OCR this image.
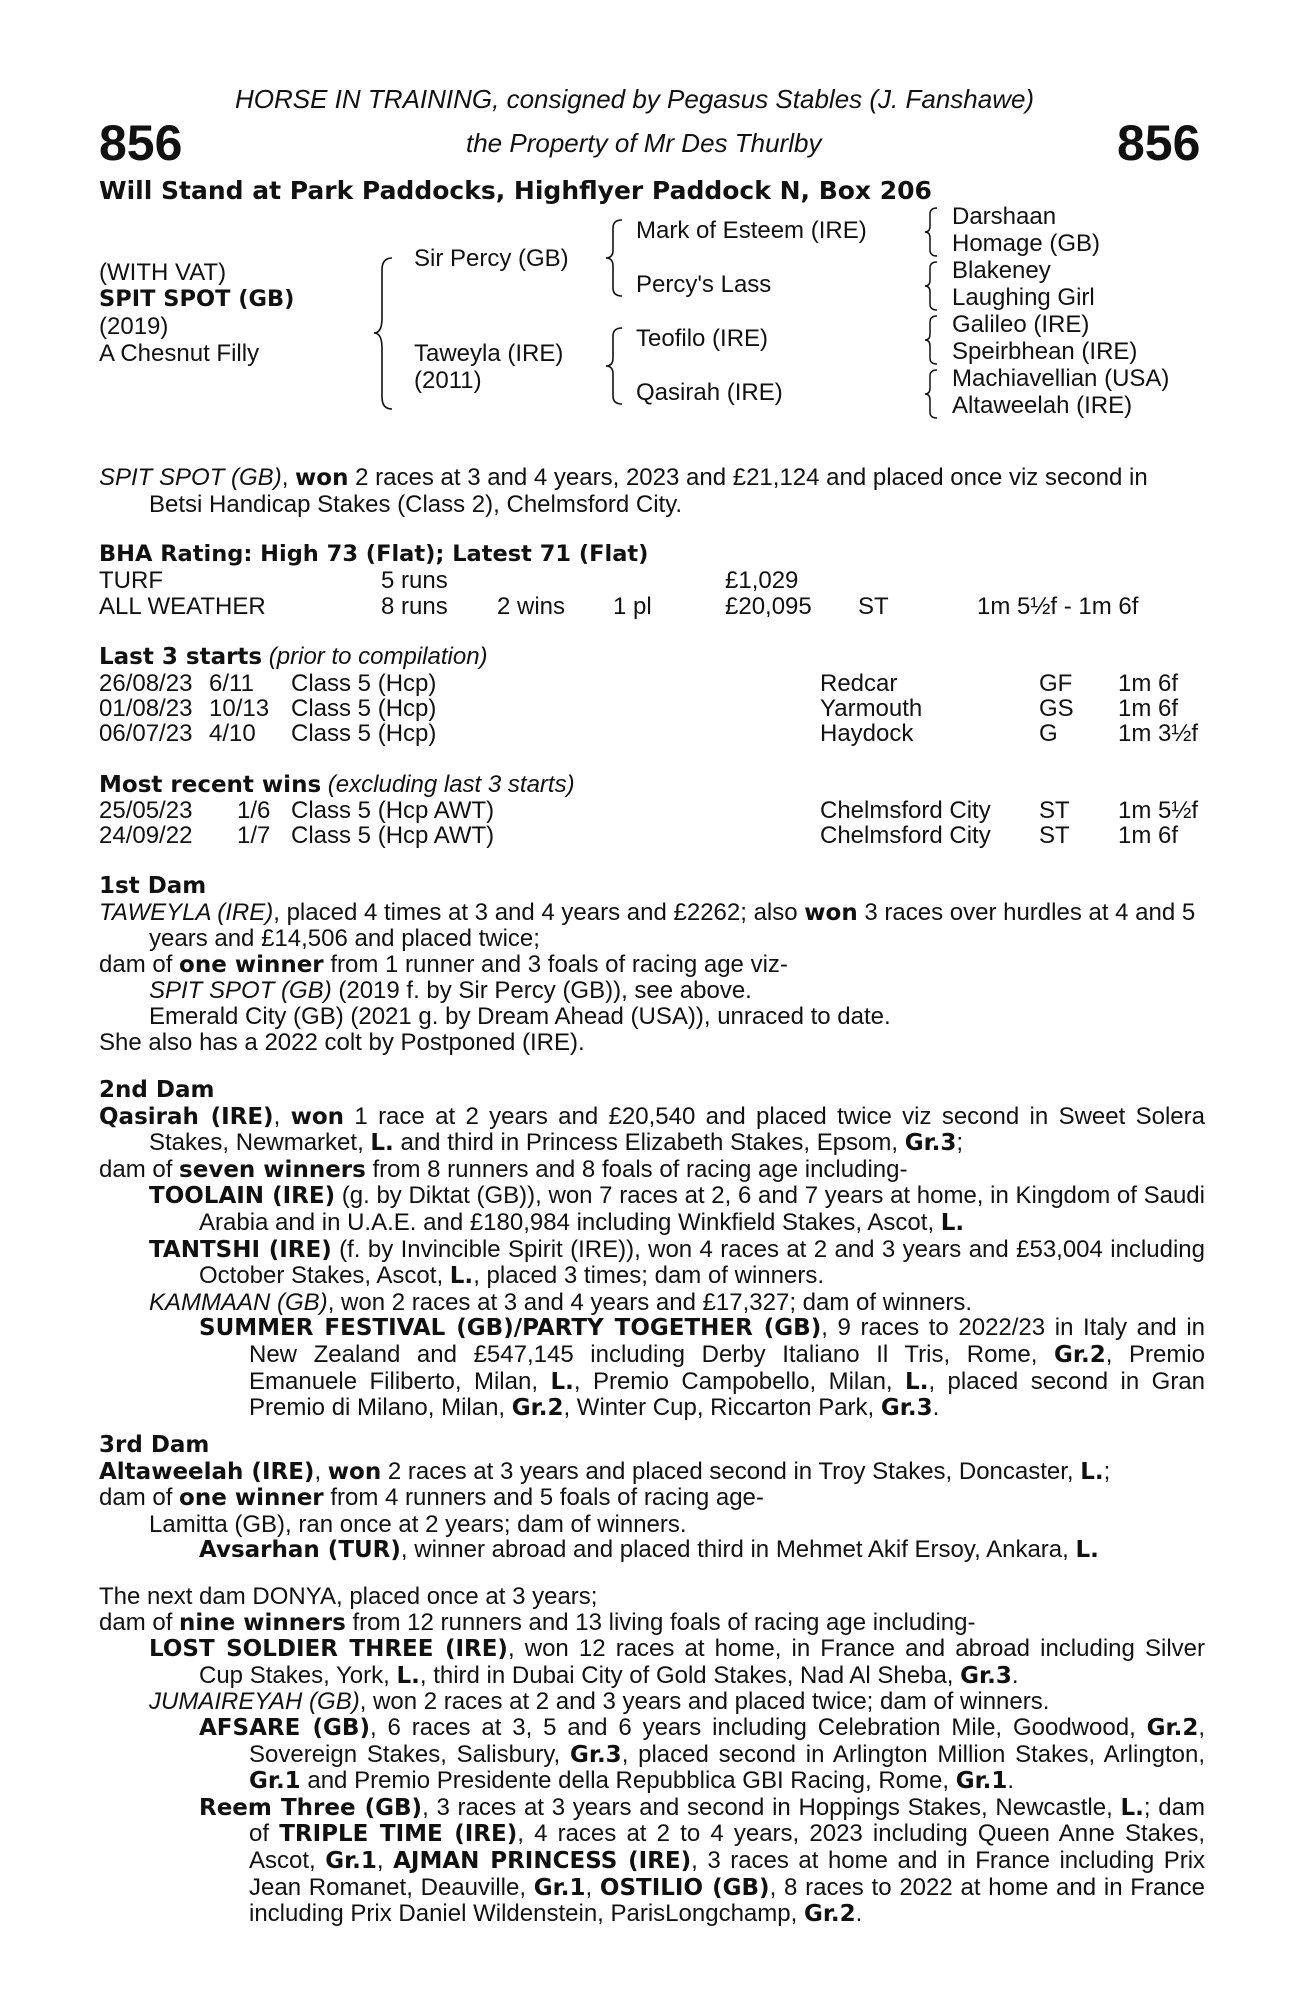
HORSE IN TRAINING, consigned by Pegasus Stables (J. Fanshawe)
856	the Property of Mr Des Thurlby	856
Will Stand at Park Paddocks, Highflyer Paddock N, Box 206
(WITH VAT)
SPIT SPOT (GB)
(2019)
A Chesnut Filly
Sir Percy (GB)
Taweyla (IRE)
(2011)
Mark of Esteem (IRE)
Percy's Lass
Teofilo (IRE)
Qasirah (IRE)
Darshaan
Homage (GB)
Blakeney
Laughing Girl
Galileo (IRE)
Speirbhean (IRE)
Machiavellian (USA)
Altaweelah (IRE)

SPIT SPOT (GB), won 2 races at 3 and 4 years, 2023 and £21,124 and placed once viz second in Betsi Handicap Stakes (Class 2), Chelmsford City.

BHA Rating: High 73 (Flat); Latest 71 (Flat)
TURF	5 runs	£1,029
ALL WEATHER	8 runs 2 wins 1 pl	£20,095 ST	1m 5½f - 1m 6f
Last 3 starts (prior to compilation)
26/08/23 6/11 Class 5 (Hcp)	Redcar	GF 1m 6f
01/08/23 10/13 Class 5 (Hcp)	Yarmouth	GS 1m 6f
06/07/23 4/10 Class 5 (Hcp)	Haydock	G	1m 3½f
Most recent wins (excluding last 3 starts)
25/05/23 1/6 Class 5 (Hcp AWT)	Chelmsford City ST 1m 5½f
24/09/22 1/7 Class 5 (Hcp AWT)	Chelmsford City ST 1m 6f

1st Dam

TAWEYLA (IRE), placed 4 times at 3 and 4 years and £2262; also won 3 races over hurdles at 4 and 5 years and £14,506 and placed twice;

dam of one winner from 1 runner and 3 foals of racing age viz-

SPIT SPOT (GB) (2019 f. by Sir Percy (GB)), see above.

Emerald City (GB) (2021 g. by Dream Ahead (USA)), unraced to date.

She also has a 2022 colt by Postponed (IRE).

2nd Dam

Qasirah (IRE), won 1 race at 2 years and £20,540 and placed twice viz second in Sweet Solera Stakes, Newmarket, L. and third in Princess Elizabeth Stakes, Epsom, Gr.3;

dam of seven winners from 8 runners and 8 foals of racing age including-

TOOLAIN (IRE) (g. by Diktat (GB)), won 7 races at 2, 6 and 7 years at home, in Kingdom of Saudi Arabia and in U.A.E. and £180,984 including Winkfield Stakes, Ascot, L.

TANTSHI (IRE) (f. by Invincible Spirit (IRE)), won 4 races at 2 and 3 years and £53,004 including October Stakes, Ascot, L., placed 3 times; dam of winners.

KAMMAAN (GB), won 2 races at 3 and 4 years and £17,327; dam of winners.

SUMMER FESTIVAL (GB)/PARTY TOGETHER (GB), 9 races to 2022/23 in Italy and in New Zealand and £547,145 including Derby Italiano Il Tris, Rome, Gr.2, Premio Emanuele Filiberto, Milan, L., Premio Campobello, Milan, L., placed second in Gran Premio di Milano, Milan, Gr.2, Winter Cup, Riccarton Park, Gr.3.

3rd Dam

Altaweelah (IRE), won 2 races at 3 years and placed second in Troy Stakes, Doncaster, L.;

dam of one winner from 4 runners and 5 foals of racing age-

Lamitta (GB), ran once at 2 years; dam of winners.

Avsarhan (TUR), winner abroad and placed third in Mehmet Akif Ersoy, Ankara, L.

The next dam DONYA, placed once at 3 years;

dam of nine winners from 12 runners and 13 living foals of racing age including-

LOST SOLDIER THREE (IRE), won 12 races at home, in France and abroad including Silver Cup Stakes, York, L., third in Dubai City of Gold Stakes, Nad Al Sheba, Gr.3.

JUMAIREYAH (GB), won 2 races at 2 and 3 years and placed twice; dam of winners.

AFSARE (GB), 6 races at 3, 5 and 6 years including Celebration Mile, Goodwood, Gr.2, Sovereign Stakes, Salisbury, Gr.3, placed second in Arlington Million Stakes, Arlington, Gr.1 and Premio Presidente della Repubblica GBI Racing, Rome, Gr.1.

Reem Three (GB), 3 races at 3 years and second in Hoppings Stakes, Newcastle, L.; dam of TRIPLE TIME (IRE), 4 races at 2 to 4 years, 2023 including Queen Anne Stakes, Ascot, Gr.1, AJMAN PRINCESS (IRE), 3 races at home and in France including Prix Jean Romanet, Deauville, Gr.1, OSTILIO (GB), 8 races to 2022 at home and in France including Prix Daniel Wildenstein, ParisLongchamp, Gr.2.
